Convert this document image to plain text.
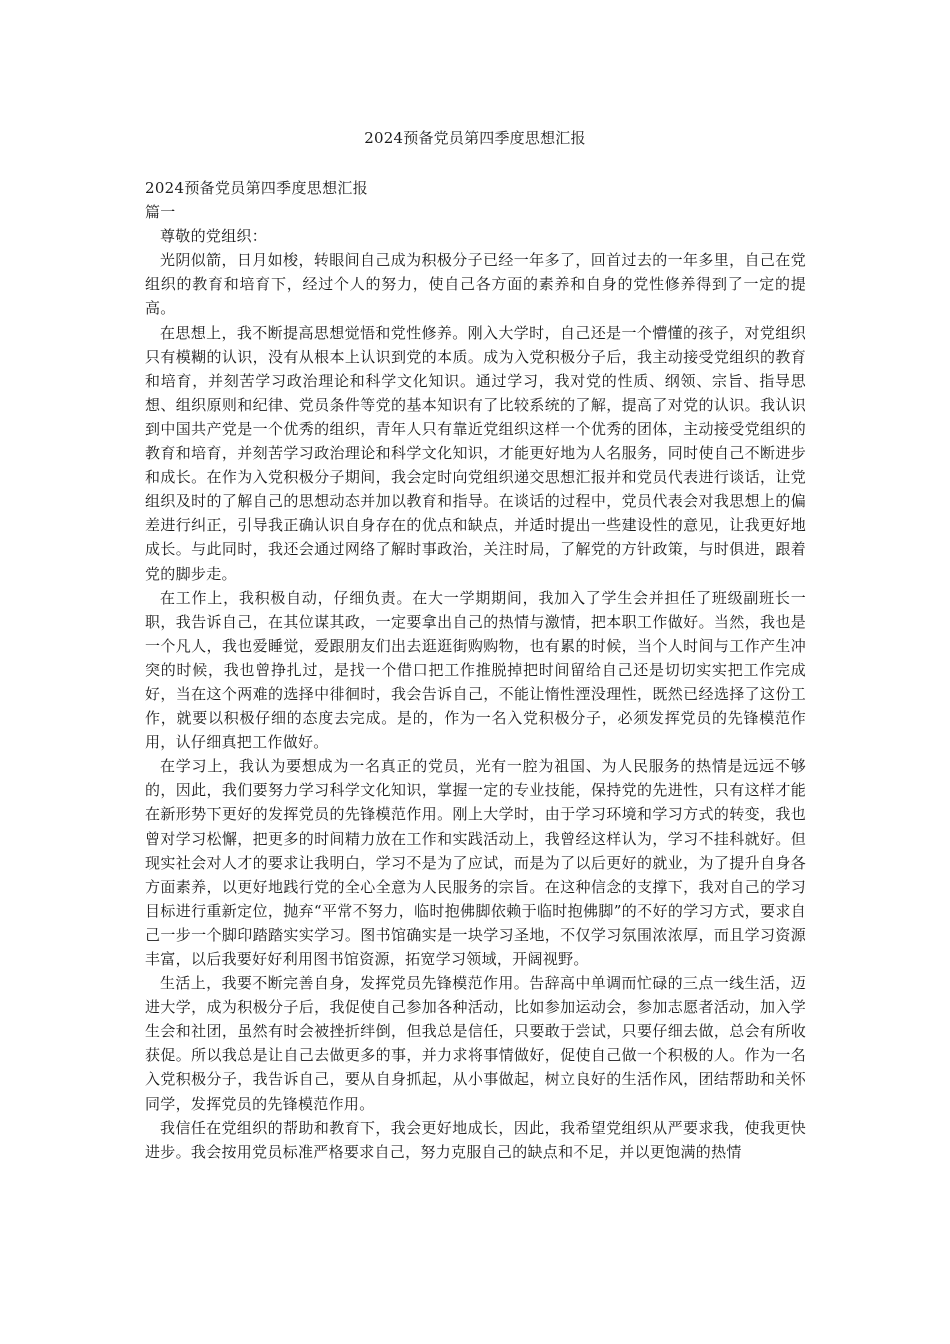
2024预备党员第四季度思想汇报

2024预备党员第四季度思想汇报

篇一

尊敬的党组织：

光阴似箭，日月如梭，转眼间自己成为积极分子已经一年多了，回首过去的一年多里，自己在党组织的教育和培育下，经过个人的努力，使自己各方面的素养和自身的党性修养得到了一定的提高。

在思想上，我不断提高思想觉悟和党性修养。刚入大学时，自己还是一个懵懂的孩子，对党组织只有模糊的认识，没有从根本上认识到党的本质。成为入党积极分子后，我主动接受党组织的教育和培育，并刻苦学习政治理论和科学文化知识。通过学习，我对党的性质、纲领、宗旨、指导思想、组织原则和纪律、党员条件等党的基本知识有了比较系统的了解，提高了对党的认识。我认识到中国共产党是一个优秀的组织，青年人只有靠近党组织这样一个优秀的团体，主动接受党组织的教育和培育，并刻苦学习政治理论和科学文化知识，才能更好地为人名服务，同时使自己不断进步和成长。在作为入党积极分子期间，我会定时向党组织递交思想汇报并和党员代表进行谈话，让党组织及时的了解自己的思想动态并加以教育和指导。在谈话的过程中，党员代表会对我思想上的偏差进行纠正，引导我正确认识自身存在的优点和缺点，并适时提出一些建设性的意见，让我更好地成长。与此同时，我还会通过网络了解时事政治，关注时局，了解党的方针政策，与时俱进，跟着党的脚步走。

在工作上，我积极自动，仔细负责。在大一学期期间，我加入了学生会并担任了班级副班长一职，我告诉自己，在其位谋其政，一定要拿出自己的热情与激情，把本职工作做好。当然，我也是一个凡人，我也爱睡觉，爱跟朋友们出去逛逛街购购物，也有累的时候，当个人时间与工作产生冲突的时候，我也曾挣扎过，是找一个借口把工作推脱掉把时间留给自己还是切切实实把工作完成好，当在这个两难的选择中徘徊时，我会告诉自己，不能让惰性湮没理性，既然已经选择了这份工作，就要以积极仔细的态度去完成。是的，作为一名入党积极分子，必须发挥党员的先锋模范作用，认仔细真把工作做好。

在学习上，我认为要想成为一名真正的党员，光有一腔为祖国、为人民服务的热情是远远不够的，因此，我们要努力学习科学文化知识，掌握一定的专业技能，保持党的先进性，只有这样才能在新形势下更好的发挥党员的先锋模范作用。刚上大学时，由于学习环境和学习方式的转变，我也曾对学习松懈，把更多的时间精力放在工作和实践活动上，我曾经这样认为，学习不挂科就好。但现实社会对人才的要求让我明白，学习不是为了应试，而是为了以后更好的就业，为了提升自身各方面素养，以更好地践行党的全心全意为人民服务的宗旨。在这种信念的支撑下，我对自己的学习目标进行重新定位，抛弃“平常不努力，临时抱佛脚依赖于临时抱佛脚”的不好的学习方式，要求自己一步一个脚印踏踏实实学习。图书馆确实是一块学习圣地，不仅学习氛围浓浓厚，而且学习资源丰富，以后我要好好利用图书馆资源，拓宽学习领域，开阔视野。

生活上，我要不断完善自身，发挥党员先锋模范作用。告辞高中单调而忙碌的三点一线生活，迈进大学，成为积极分子后，我促使自己参加各种活动，比如参加运动会，参加志愿者活动，加入学生会和社团，虽然有时会被挫折绊倒，但我总是信任，只要敢于尝试，只要仔细去做，总会有所收获促。所以我总是让自己去做更多的事，并力求将事情做好，促使自己做一个积极的人。作为一名入党积极分子，我告诉自己，要从自身抓起，从小事做起，树立良好的生活作风，团结帮助和关怀同学，发挥党员的先锋模范作用。

我信任在党组织的帮助和教育下，我会更好地成长，因此，我希望党组织从严要求我，使我更快进步。我会按用党员标准严格要求自己，努力克服自己的缺点和不足，并以更饱满的热情
